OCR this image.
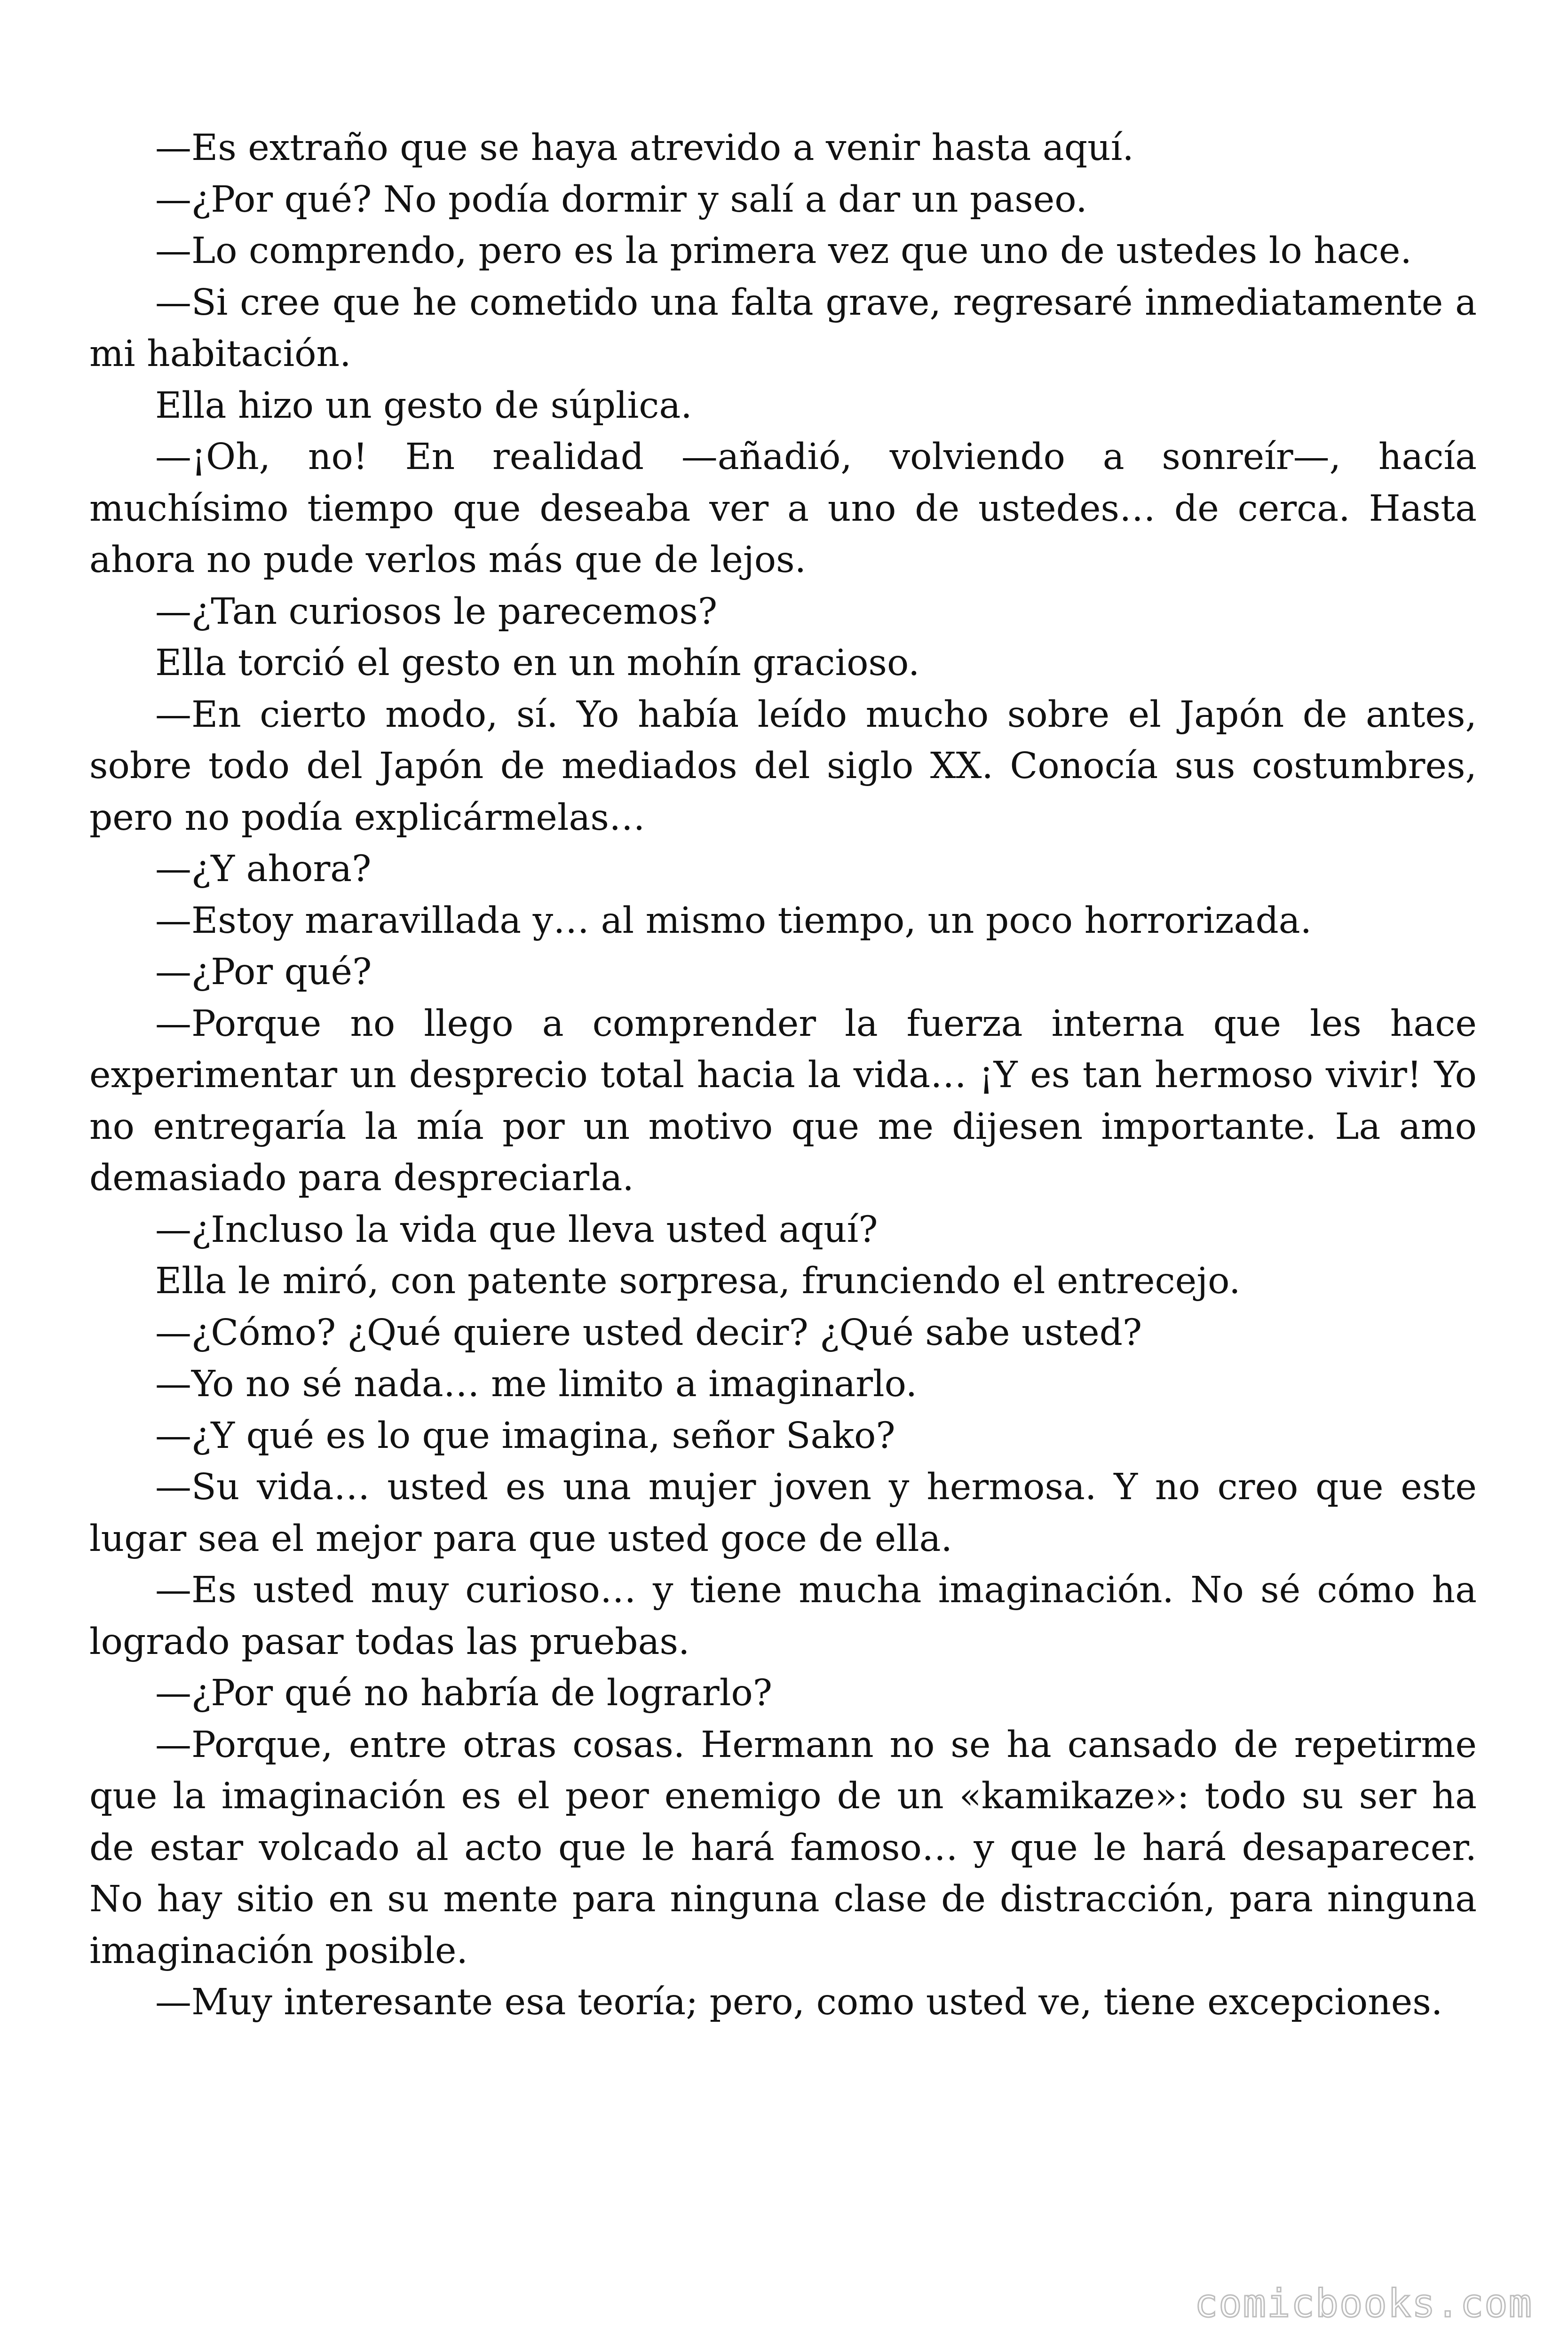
—Es extraño que se haya atrevido a venir hasta aquí.

—¿Por qué? No podía dormir y salí a dar un paseo.

—Lo comprendo, pero es la primera vez que uno de ustedes lo hace.

—Si cree que he cometido una falta grave, regresaré inmediatamente a mi habitación.

Ella hizo un gesto de súplica.

—¡Oh, no! En realidad —añadió, volviendo a sonreír—, hacía muchísimo tiempo que deseaba ver a uno de ustedes… de cerca. Hasta ahora no pude verlos más que de lejos.

—¿Tan curiosos le parecemos?

Ella torció el gesto en un mohín gracioso.

—En cierto modo, sí. Yo había leído mucho sobre el Japón de antes, sobre todo del Japón de mediados del siglo XX. Conocía sus costumbres, pero no podía explicármelas…

—¿Y ahora?

—Estoy maravillada y… al mismo tiempo, un poco horrorizada.

—¿Por qué?

—Porque no llego a comprender la fuerza interna que les hace experimentar un desprecio total hacia la vida… ¡Y es tan hermoso vivir! Yo no entregaría la mía por un motivo que me dijesen importante. La amo demasiado para despreciarla.

—¿Incluso la vida que lleva usted aquí?

Ella le miró, con patente sorpresa, frunciendo el entrecejo.

—¿Cómo? ¿Qué quiere usted decir? ¿Qué sabe usted?

—Yo no sé nada… me limito a imaginarlo.

—¿Y qué es lo que imagina, señor Sako?

—Su vida… usted es una mujer joven y hermosa. Y no creo que este lugar sea el mejor para que usted goce de ella.

—Es usted muy curioso… y tiene mucha imaginación. No sé cómo ha logrado pasar todas las pruebas.

—¿Por qué no habría de lograrlo?

—Porque, entre otras cosas. Hermann no se ha cansado de repetirme que la imaginación es el peor enemigo de un «kamikaze»: todo su ser ha de estar volcado al acto que le hará famoso… y que le hará desaparecer. No hay sitio en su mente para ninguna clase de distracción, para ninguna imaginación posible.

—Muy interesante esa teoría; pero, como usted ve, tiene excepciones.

comicbooks.com
